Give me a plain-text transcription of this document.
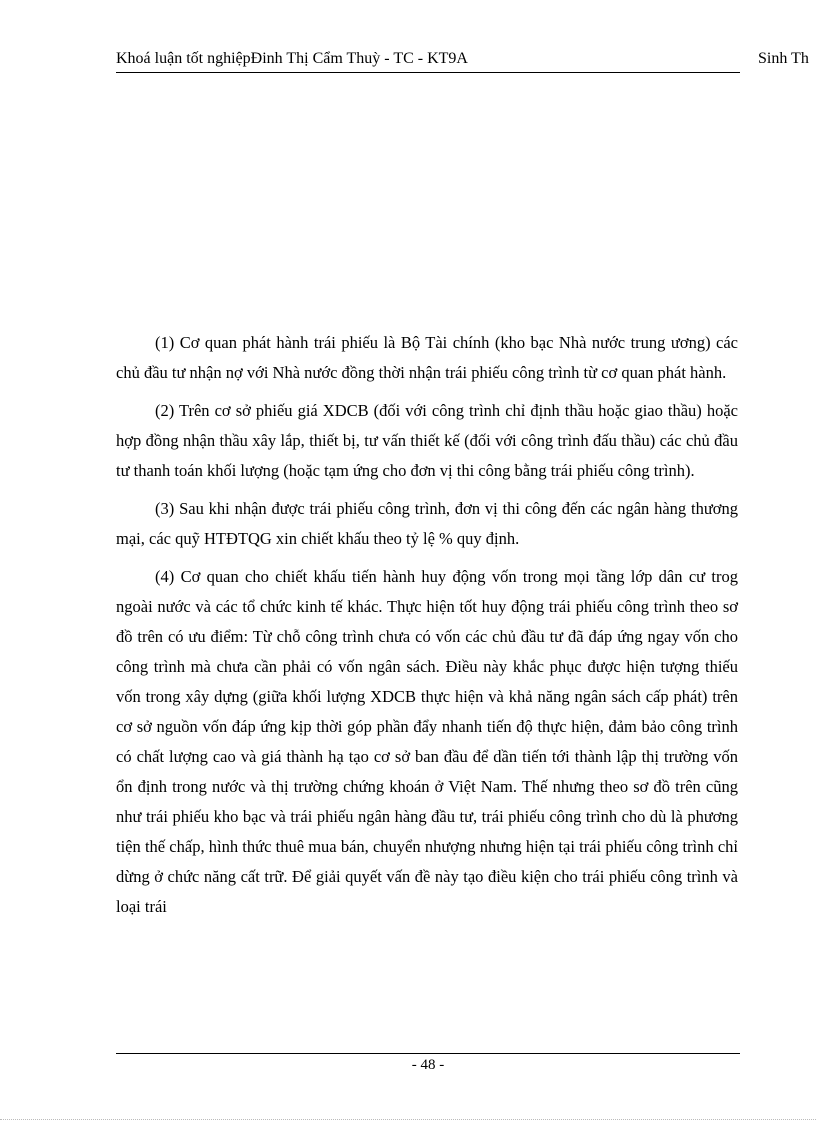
Khoá luận tốt nghiệpĐinh Thị Cẩm Thuỳ - TC - KT9A	Sinh Th

(1) Cơ quan phát hành trái phiếu là Bộ Tài chính (kho bạc Nhà nước trung ương) các chủ đầu tư nhận nợ với Nhà nước đồng thời nhận trái phiếu công trình từ cơ quan phát hành.

(2) Trên cơ sở phiếu giá XDCB (đối với công trình chỉ định thầu hoặc giao thầu) hoặc hợp đồng nhận thầu xây lắp, thiết bị, tư vấn thiết kế (đối với công trình đấu thầu) các chủ đầu tư thanh toán khối lượng (hoặc tạm ứng cho đơn vị thi công bằng trái phiếu công trình).

(3) Sau khi nhận được trái phiếu công trình, đơn vị thi công đến các ngân hàng thương mại, các quỹ HTĐTQG xin chiết khấu theo tỷ lệ % quy định.

(4) Cơ quan cho chiết khấu tiến hành huy động vốn trong mọi tầng lớp dân cư trog ngoài nước và các tổ chức kinh tế khác. Thực hiện tốt huy động trái phiếu công trình theo sơ đồ trên có ưu điểm: Từ chỗ công trình chưa có vốn các chủ đầu tư đã đáp ứng ngay vốn cho công trình mà chưa cần phải có vốn ngân sách. Điều này khắc phục được hiện tượng thiếu vốn trong xây dựng (giữa khối lượng XDCB thực hiện và khả năng ngân sách cấp phát) trên cơ sở nguồn vốn đáp ứng kịp thời góp phần đẩy nhanh tiến độ thực hiện, đảm bảo công trình có chất lượng cao và giá thành hạ tạo cơ sở ban đầu để dần tiến tới thành lập thị trường vốn ổn định trong nước và thị trường chứng khoán ở Việt Nam. Thế nhưng theo sơ đồ trên cũng như trái phiếu kho bạc và trái phiếu ngân hàng đầu tư, trái phiếu công trình cho dù là phương tiện thế chấp, hình thức thuê mua bán, chuyển nhượng nhưng hiện tại trái phiếu công trình chỉ dừng ở chức năng cất trữ. Để giải quyết vấn đề này tạo điều kiện cho trái phiếu công trình và loại trái

- 48 -
